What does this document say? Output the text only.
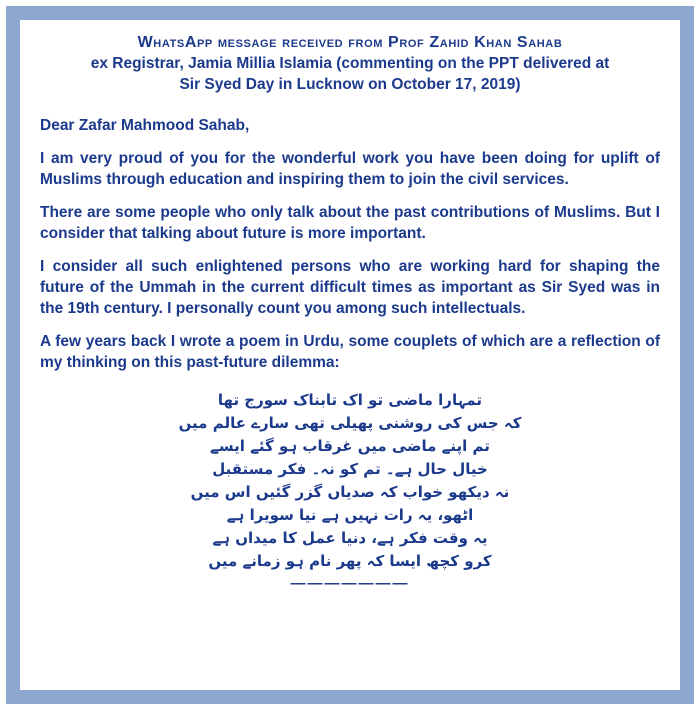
WhatsApp message received from Prof Zahid Khan Sahab
ex Registrar, Jamia Millia Islamia (commenting on the PPT delivered at
Sir Syed Day in Lucknow on October 17, 2019)
Dear Zafar Mahmood Sahab,
I am very proud of you for the wonderful work you have been doing for uplift of Muslims through education and inspiring them to join the civil services.
There are some people who only talk about the past contributions of Muslims. But I consider that talking about future is more important.
I consider all such enlightened persons who are working hard for shaping the future of the Ummah in the current difficult times as important as Sir Syed was in the 19th century. I personally count you among such intellectuals.
A few years back I wrote a poem in Urdu, some couplets of which are a reflection of my thinking on this past-future dilemma:
تمہارا ماضی تو اک تابناک سورج تھا
کہ جس کی روشنی پھیلی تھی سارے عالم میں
تم اپنے ماضی میں غرقاب ہو گئے ایسے
خیال حال ہے۔ تم کو نہ۔ فکر مستقبل
نہ دیکھو خواب کہ صدیاں گزر گئیں اس میں
اٹھو، یہ رات نہیں ہے نیا سویرا ہے
یہ وقت فکر ہے، دنیا عمل کا میداں ہے
کرو کچھ ایسا کہ پھر نام ہو زمانے میں
———————
